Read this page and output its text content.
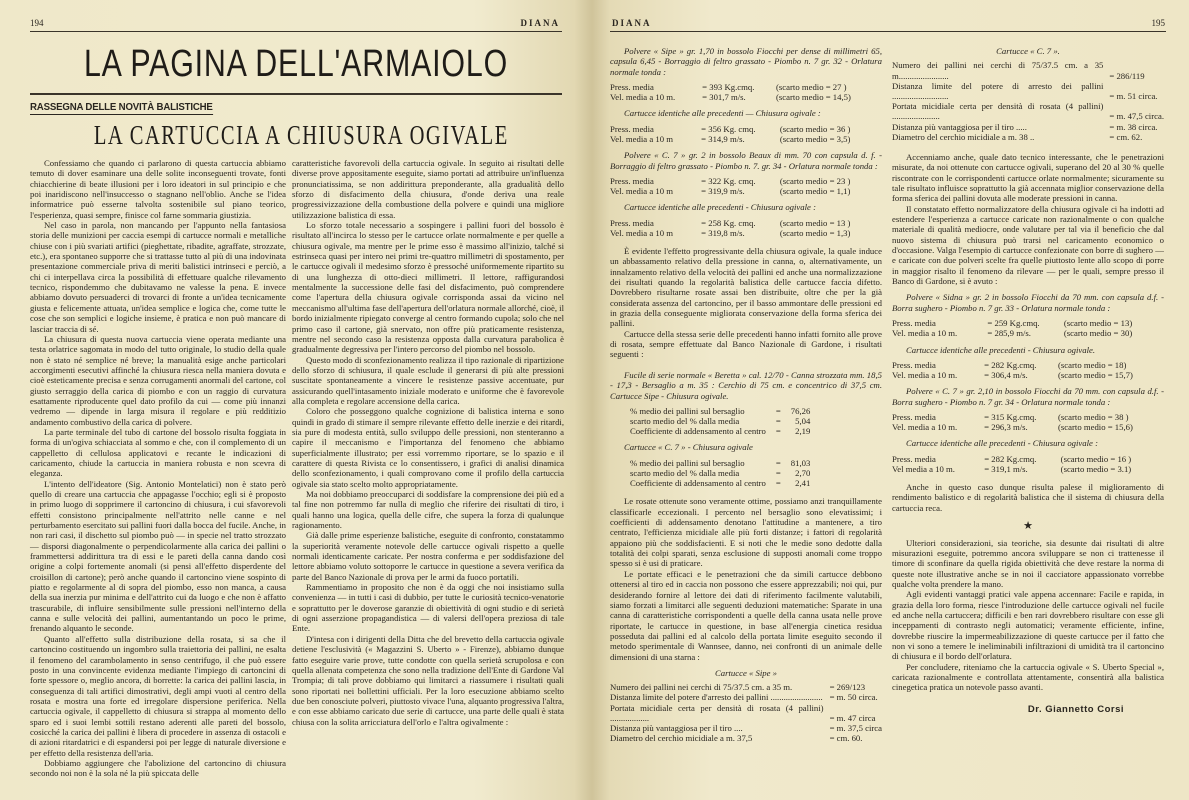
194	DIANA
LA PAGINA DELL'ARMAIOLO
RASSEGNA DELLE NOVITÀ BALISTICHE
LA CARTUCCIA A CHIUSURA OGIVALE

Confessiamo che quando ci parlarono di questa cartuccia abbiamo temuto di dover esaminare una delle solite inconseguenti trovate, fonti chiacchierine di beate illusioni per i loro ideatori in sul principio e che poi inaridiscono nell'insuccesso o stagnano nell'oblio. Anche se l'idea informatrice può esserne talvolta sostenibile sul piano teorico, l'esperienza, quasi sempre, finisce col farne sommaria giustizia.

Nel caso in parola, non mancando per l'appunto nella fantasiosa storia delle munizioni per caccia esempi di cartucce normali e metalliche chiuse con i più svariati artifici (pieghettate, ribadite, agraffate, strozzate, etc.), era spontaneo supporre che si trattasse tutto al più di una indovinata presentazione commerciale priva di meriti balistici intrinseci e perciò, a chi ci interpellava circa la possibilità di effettuare qualche rilevamento tecnico, rispondemmo che dubitavamo ne valesse la pena. E invece abbiamo dovuto persuaderci di trovarci di fronte a un'idea tecnicamente giusta e felicemente attuata, un'idea semplice e logica che, come tutte le cose che son semplici e logiche insieme, è pratica e non può mancare di lasciar traccia di sé.

La chiusura di questa nuova cartuccia viene operata mediante una testa orlatrice sagomata in modo del tutto originale, lo studio della quale non è stato né semplice né breve; la manualità esige anche particolari accorgimenti esecutivi affinché la chiusura riesca nella maniera dovuta e cioè esteticamente precisa e senza corrugamenti anormali del cartone, col giusto serraggio della carica di piombo e con un raggio di curvatura esattamente riproducente quel dato profilo da cui — come più innanzi vedremo — dipende in larga misura il regolare e più redditizio andamento combustivo della carica di polvere.

La parte terminale del tubo di cartone del bossolo risulta foggiata in forma di un'ogiva schiacciata al sommo e che, con il complemento di un cappelletto di cellulosa applicatovi e recante le indicazioni di caricamento, chiude la cartuccia in maniera robusta e non scevra di eleganza.

L'intento dell'ideatore (Sig. Antonio Montelatici) non è stato però quello di creare una cartuccia che appagasse l'occhio; egli si è proposto in primo luogo di sopprimere il cartoncino di chiusura, i cui sfavorevoli effetti consistono principalmente nell'attrito nelle canne e nel perturbamento esercitato sui pallini fuori dalla bocca del fucile. Anche, in non rari casi, il dischetto sul piombo può — in specie nel tratto strozzato — disporsi diagonalmente o perpendicolarmente alla carica dei pallini o frammettersi addirittura tra di essi e le pareti della canna dando così origine a colpi fortemente anomali (si pensi all'effetto disperdente del croisillon di cartone); però anche quando il cartoncino viene sospinto di piatto e regolarmente al di sopra del piombo, esso non manca, a causa della sua inerzia pur minima e dell'attrito cui da luogo e che non è affatto trascurabile, di influire sensibilmente sulle pressioni nell'interno della canna e sulle velocità dei pallini, aumentantando un poco le prime, frenando alquanto le seconde.

Quanto all'effetto sulla distribuzione della rosata, si sa che il cartoncino costituendo un ingombro sulla traiettoria dei pallini, ne esalta il fenomeno del carambolamento in senso centrifugo, il che può essere posto in una convincente evidenza mediante l'impiego di cartoncini di forte spessore o, meglio ancora, di borrette: la carica dei pallini lascia, in conseguenza di tali artifici dimostrativi, degli ampi vuoti al centro della rosata e mostra una forte ed irregolare dispersione periferica. Nella cartuccia ogivale, il cappelletto di chiusura si strappa al momento dello sparo ed i suoi lembi sottili restano aderenti alle pareti del bossolo, cosicché la carica dei pallini è libera di procedere in assenza di ostacoli e di azioni ritardatrici e di espandersi poi per legge di naturale diversione e per effetto della resistenza dell'aria.

Dobbiamo aggiungere che l'abolizione del cartoncino di chiusura secondo noi non è la sola né la più spiccata delle

caratteristiche favorevoli della cartuccia ogivale. In seguito ai risultati delle diverse prove appositamente eseguite, siamo portati ad attribuire un'influenza pronunciatissima, se non addirittura preponderante, alla gradualità dello sforzo di disfacimento della chiusura, d'onde deriva una reale progressivizzazione della combustione della polvere e quindi una migliore utilizzazione balistica di essa.

Lo sforzo totale necessario a sospingere i pallini fuori del bossolo è risultato all'incirca lo stesso per le cartucce orlate normalmente e per quelle a chiusura ogivale, ma mentre per le prime esso è massimo all'inizio, talché si estrinseca quasi per intero nei primi tre-quattro millimetri di spostamento, per le cartucce ogivali il medesimo sforzo è pressoché uniformemente ripartito su di una lunghezza di otto-dieci millimetri. Il lettore, raffigurandosi mentalmente la successione delle fasi del disfacimento, può comprendere come l'apertura della chiusura ogivale corrisponda assai da vicino nel meccanismo all'ultima fase dell'apertura dell'orlatura normale allorché, cioè, il bordo inizialmente ripiegato converge al centro formando cupola; solo che nel primo caso il cartone, già snervato, non offre più praticamente resistenza, mentre nel secondo caso la resistenza opposta dalla curvatura parabolica è gradualmente degressiva per l'intero percorso del piombo nel bossolo.

Questo modo di sconfezionamento realizza il tipo razionale di ripartizione dello sforzo di schiusura, il quale esclude il generarsi di più alte pressioni suscitate spontaneamente a vincere le resistenze passive accentuate, pur assicurando quell'intasamento iniziale moderato e uniforme che è favorevole alla completa e regolare accensione della carica.

Coloro che posseggono qualche cognizione di balistica interna e sono quindi in grado di stimare il sempre rilevante effetto delle inerzie e dei ritardi, sia pure di modesta entità, sullo sviluppo delle pressioni, non stenteranno a capire il meccanismo e l'importanza del fenomeno che abbiamo superficialmente illustrato; per essi vorremmo riportare, se lo spazio e il carattere di questa Rivista ce lo consentissero, i grafici di analisi dinamica dello sconfezionamento, i quali comprovano come il profilo della cartuccia ogivale sia stato scelto molto appropriatamente.

Ma noi dobbiamo preoccuparci di soddisfare la comprensione dei più ed a tal fine non potremmo far nulla di meglio che riferire dei risultati di tiro, i quali hanno una logica, quella delle cifre, che supera la forza di qualunque ragionamento.

Già dalle prime esperienze balistiche, eseguite di confronto, constatammo la superiorità veramente notevole delle cartucce ogivali rispetto a quelle normali identicamente caricate. Per nostra conferma e per soddisfazione del lettore abbiamo voluto sottoporre le cartucce in questione a severa verifica da parte del Banco Nazionale di prova per le armi da fuoco portatili.

Rammentiamo in proposito che non è da oggi che noi insistiamo sulla convenienza — in tutti i casi di dubbio, per tutte le curiosità tecnico-venatorie e soprattutto per le doverose garanzie di obiettività di ogni studio e di serietà di ogni asserzione propagandistica — di valersi dell'opera preziosa di tale Ente.

D'intesa con i dirigenti della Ditta che del brevetto della cartuccia ogivale detiene l'esclusività (« Magazzini S. Uberto » - Firenze), abbiamo dunque fatto eseguire varie prove, tutte condotte con quella serietà scrupolosa e con quella allenata competenza che sono nella tradizione dell'Ente di Gardone Val Trompia; di tali prove dobbiamo qui limitarci a riassumere i risultati quali sono riportati nei bollettini ufficiali. Per la loro esecuzione abbiamo scelto due ben conosciute polveri, piuttosto vivace l'una, alquanto progressiva l'altra, e con esse abbiamo caricato due serie di cartucce, una parte delle quali è stata chiusa con la solita arricciatura dell'orlo e l'altra ogivalmente :

DIANA	195

Polvere « Sipe » gr. 1,70 in bossolo Fiocchi per dense di millimetri 65, capsula 6,45 - Borraggio di feltro grassato - Piombo n. 7 gr. 32 - Orlatura normale tonda :

Press. media	= 393 Kg.cmq.	(scarto medio = 27 )
Vel. media a 10 m.	= 301,7 m/s.	(scarto medio = 14,5)

Cartucce identiche alle precedenti — Chiusura ogivale :

Press. media	= 356 Kg. cmq.	(scarto medio = 36 )
Vel. media a 10 m	= 314,9 m/s.	(scarto medio = 3,5)

Polvere « C. 7 » gr. 2 in bossolo Beaux di mm. 70 con capsula d. f. - Borraggio di feltro grassato - Piombo n. 7. gr. 34 - Orlatura normale tonda :

Press. media	= 322 Kg. cmq.	(scarto medio = 23 )
Vel. media a 10 m	= 319,9 m/s.	(scarto medio = 1,1)

Cartucce identiche alle precedenti - Chiusura ogivale :

Press. media	= 258 Kg. cmq.	(scarto medio = 13 )
Vel. media a 10 m	= 319,8 m/s.	(scarto medio = 1,3)

È evidente l'effetto progressivante della chiusura ogivale, la quale induce un abbassamento relativo della pressione in canna, o, alternativamente, un innalzamento relativo della velocità dei pallini ed anche una normalizzazione dei risultati quando la regolarità balistica delle cartucce faccia difetto. Dovrebbero risultarne rosate assai ben distribuite, oltre che per la già considerata assenza del cartoncino, per il basso ammontare delle pressioni ed in grazia della conseguente migliorata conservazione della forma sferica dei pallini.

Cartucce della stessa serie delle precedenti hanno infatti fornito alle prove di rosata, sempre effettuate dal Banco Nazionale di Gardone, i risultati seguenti :

Fucile di serie normale « Beretta » cal. 12/70 - Canna strozzata mm. 18,5 - 17,3 - Bersaglio a m. 35 : Cerchio di 75 cm. e concentrico di 37,5 cm. Cartucce Sipe - Chiusura ogivale.

% medio dei pallini sul bersaglio	=	76,26
scarto medio del % dalla media	=	5,04
Coefficiente di addensamento al centro	=	2,19

Cartucce « C. 7 » - Chiusura ogivale

% medio dei pallini sul bersaglio	=	81,03
scarto medio del % dalla media	=	2,70
Coefficiente di addensamento al centro	=	2,41

Le rosate ottenute sono veramente ottime, possiamo anzi tranquillamente classificarle eccezionali. I percento nel bersaglio sono elevatissimi; i coefficienti di addensamento denotano l'attitudine a mantenere, a tiro centrato, l'efficienza micidiale alle più forti distanze; i fattori di regolarità appaiono più che soddisfacienti. E si noti che le medie sono dedotte dalla totalità dei colpi sparati, senza esclusione di supposti anomali come troppo spesso si è usi di praticare.

Le portate efficaci e le penetrazioni che da simili cartucce debbono ottenersi al tiro ed in caccia non possono che essere apprezzabili; noi qui, pur desiderando fornire al lettore dei dati di riferimento facilmente valutabili, siamo forzati a limitarci alle seguenti deduzioni matematiche: Sparate in una canna di caratteristiche corrispondenti a quelle della canna usata nelle prove riportate, le cartucce in questione, in base all'energia cinetica residua posseduta dai pallini ed al calcolo della portata limite eseguito secondo il metodo sperimentale di Wannsee, danno, nei confronti di un animale delle dimensioni di una starna :

Cartucce « Sipe »

Numero dei pallini nei cerchi di 75/37.5 cm. a 35 m.	= 269/123
Distanza limite del potere d'arresto dei pallini ........................	= m. 50 circa.
Portata micidiale certa per densità di rosata (4 pallini) ..................	= m. 47 circa
Distanza più vantaggiosa per il tiro ....	= m. 37,5 circa
Diametro del cerchio micidiale a m. 37,5	= cm. 60.

Cartucce « C. 7 ».

Numero dei pallini nei cerchi di 75/37.5 cm. a 35 m.......................	= 286/119
Distanza limite del potere di arresto dei pallini ..........................	= m. 51 circa.
Portata micidiale certa per densità di rosata (4 pallini) ......................	= m. 47,5 circa.
Distanza più vantaggiosa per il tiro .....	= m. 38 circa.
Diametro del cerchio micidiale a m. 38 ..	= cm. 62.

Accenniamo anche, quale dato tecnico interessante, che le penetrazioni misurate, da noi ottenute con cartucce ogivali, superano del 20 al 30 % quelle riscontrate con le corrispondenti cartucce orlate normalmente; sicuramente su tale risultato influisce soprattutto la già accennata miglior conservazione della forma sferica dei pallini dovuta alle moderate pressioni in canna.

Il constatato effetto normalizzatore della chiusura ogivale ci ha indotti ad estendere l'esperienza a cartucce caricate non razionalmente o con qualche materiale di qualità mediocre, onde valutare per tal via il beneficio che dal nuovo sistema di chiusura può trarsi nel caricamento economico o d'occasione. Valga l'esempio di cartucce confezionate con borre di sughero — e caricate con due polveri scelte fra quelle piuttosto lente allo scopo di porre in maggior risalto il fenomeno da rilevare — per le quali, sempre presso il Banco di Gardone, si è avuto :

Polvere « Sidna » gr. 2 in bossolo Fiocchi da 70 mm. con capsula d.f. - Borra sughero - Piombo n. 7 gr. 33 - Orlatura normale tonda :

Press. media	= 259 Kg.cmq.	(scarto medio = 13)
Vel. media a 10 m.	= 285,9 m/s.	(scarto medio = 30)

Cartucce identiche alle precedenti - Chiusura ogivale.

Press. media	= 282 Kg.cmq.	(scarto medio = 18)
Vel. media a 10 m.	= 306,4 m/s.	(scarto medio = 15,7)

Polvere « C. 7 » gr. 2,10 in bossolo Fiocchi da 70 mm. con capsula d.f. - Borra sughero - Piombo n. 7 gr. 34 - Orlatura normale tonda :

Press. media	= 315 Kg.cmq.	(scarto medio = 38 )
Vel. media a 10 m.	= 296,3 m/s.	(scarto medio = 15,6)

Cartucce identiche alle precedenti - Chiusura ogivale :

Press. media	= 282 Kg.cmq.	(scarto medio = 16 )
Vel media a 10 m.	= 319,1 m/s.	(scarto medio = 3.1)

Anche in questo caso dunque risulta palese il miglioramento di rendimento balistico e di regolarità balistica che il sistema di chiusura della cartuccia reca.

★

Ulteriori considerazioni, sia teoriche, sia desunte dai risultati di altre misurazioni eseguite, potremmo ancora sviluppare se non ci trattenesse il timore di sconfinare da quella rigida obiettività che deve restare la norma di queste note illustrative anche se in noi il cacciatore appassionato vorrebbe qualche volta prendere la mano.

Agli evidenti vantaggi pratici vale appena accennare: Facile e rapida, in grazia della loro forma, riesce l'introduzione delle cartucce ogivali nel fucile ed anche nella cartuccera; difficili e ben rari dovrebbero risultare con esse gli inceppamenti di contrasto negli automatici; veramente efficiente, infine, dovrebbe riuscire la impermeabilizzazione di queste cartucce per il fatto che non vi sono a temere le ineliminabili infiltrazioni di umidità tra il cartoncino di chiusura e il bordo dell'orlatura.

Per concludere, riteniamo che la cartuccia ogivale « S. Uberto Special », caricata razionalmente e controllata attentamente, consentirà alla balistica cinegetica pratica un notevole passo avanti.

Dr. Giannetto Corsi
